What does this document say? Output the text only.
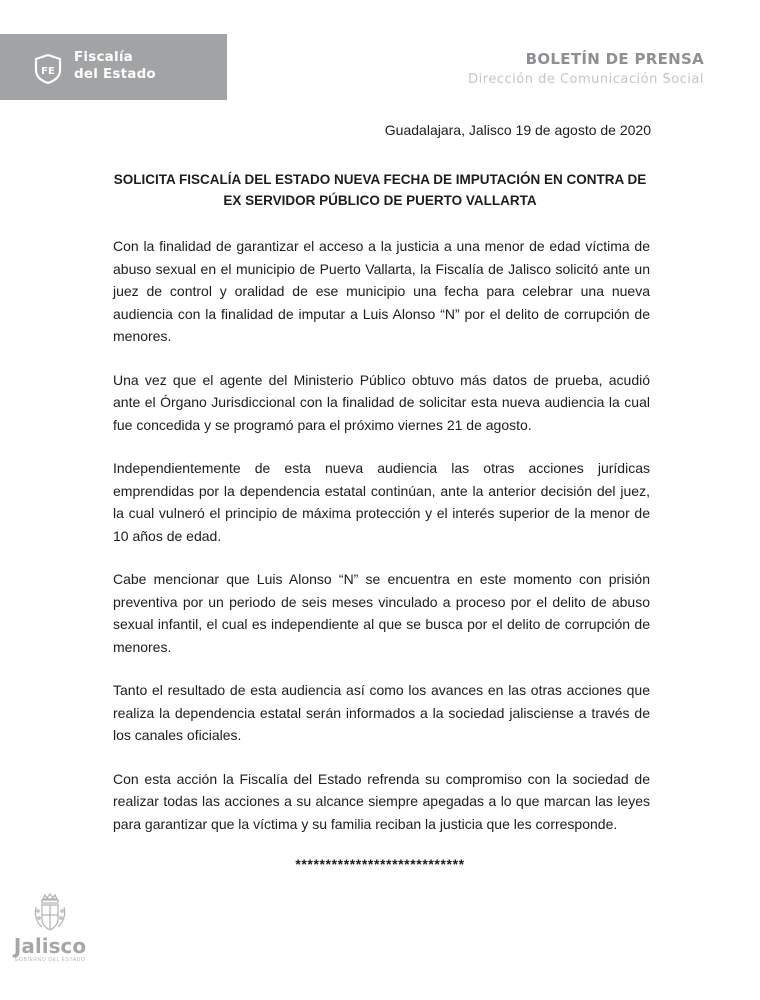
FE
Fiscalía
del Estado
BOLETÍN DE PRENSA
Dirección de Comunicación Social
Guadalajara, Jalisco 19 de agosto de 2020
SOLICITA FISCALÍA DEL ESTADO NUEVA FECHA DE IMPUTACIÓN EN CONTRA DE
EX SERVIDOR PÚBLICO DE PUERTO VALLARTA

Con la finalidad de garantizar el acceso a la justicia a una menor de edad víctima de abuso sexual en el municipio de Puerto Vallarta, la Fiscalía de Jalisco solicitó ante un juez de control y oralidad de ese municipio una fecha para celebrar una nueva audiencia con la finalidad de imputar a Luis Alonso “N” por el delito de corrupción de menores.

Una vez que el agente del Ministerio Público obtuvo más datos de prueba, acudió ante el Órgano Jurisdiccional con la finalidad de solicitar esta nueva audiencia la cual fue concedida y se programó para el próximo viernes 21 de agosto.

Independientemente de esta nueva audiencia las otras acciones jurídicas emprendidas por la dependencia estatal continúan, ante la anterior decisión del juez, la cual vulneró el principio de máxima protección y el interés superior de la menor de 10 años de edad.

Cabe mencionar que Luis Alonso “N” se encuentra en este momento con prisión preventiva por un periodo de seis meses vinculado a proceso por el delito de abuso sexual infantil, el cual es independiente al que se busca por el delito de corrupción de menores.

Tanto el resultado de esta audiencia así como los avances en las otras acciones que realiza la dependencia estatal serán informados a la sociedad jalisciense a través de los canales oficiales.

Con esta acción la Fiscalía del Estado refrenda su compromiso con la sociedad de realizar todas las acciones a su alcance siempre apegadas a lo que marcan las leyes para garantizar que la víctima y su familia reciban la justicia que les corresponde.

****************************
Jalisco
GOBIERNO DEL ESTADO
